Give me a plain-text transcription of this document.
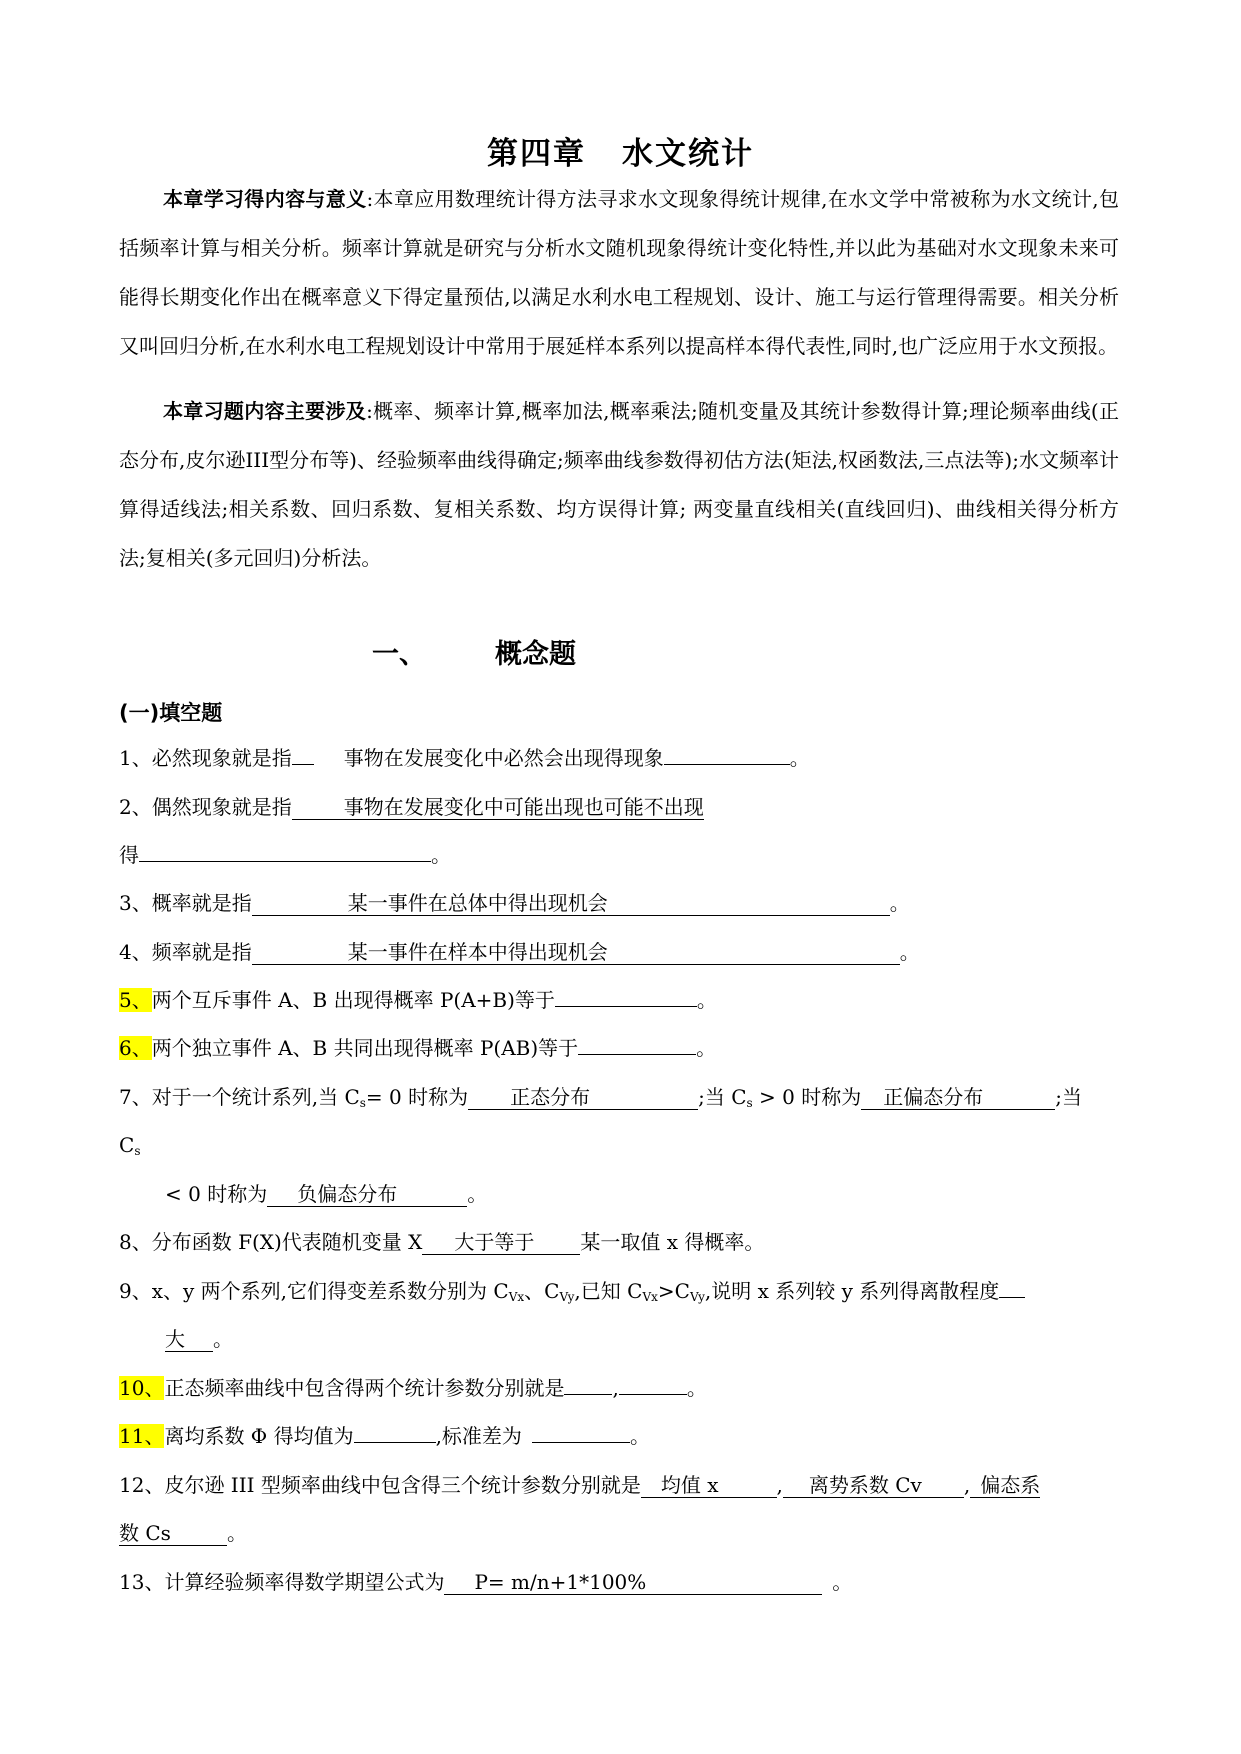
第四章 水文统计
本章学习得内容与意义:本章应用数理统计得方法寻求水文现象得统计规律,在水文学中常被称为水文统计,包括频率计算与相关分析。频率计算就是研究与分析水文随机现象得统计变化特性,并以此为基础对水文现象未来可能得长期变化作出在概率意义下得定量预估,以满足水利水电工程规划、设计、施工与运行管理得需要。相关分析又叫回归分析,在水利水电工程规划设计中常用于展延样本系列以提高样本得代表性,同时,也广泛应用于水文预报。
本章习题内容主要涉及:概率、频率计算,概率加法,概率乘法;随机变量及其统计参数得计算;理论频率曲线(正态分布,皮尔逊III型分布等)、经验频率曲线得确定;频率曲线参数得初估方法(矩法,权函数法,三点法等);水文频率计算得适线法;相关系数、回归系数、复相关系数、均方误得计算; 两变量直线相关(直线回归)、曲线相关得分析方法;复相关(多元回归)分析法。
一、	概念题
(一)填空题
1、必然现象就是指	事物在发展变化中必然会出现得现象	。
2、偶然现象就是指	事物在发展变化中可能出现也可能不出现
得	。
3、概率就是指	某一事件在总体中得出现机会	。
4、频率就是指	某一事件在样本中得出现机会	。
5、两个互斥事件 A、B 出现得概率 P(A+B)等于	。
6、两个独立事件 A、B 共同出现得概率 P(AB)等于	。
7、对于一个统计系列,当 $C_s= 0$ 时称为 正态分布	;当 $C_s > 0$ 时称为 正偏态分布	;当
$C_s$
< 0 时称为 负偏态分布	。
8、分布函数 F(X)代表随机变量 X 大于等于 某一取值 x 得概率。
9、x、y 两个系列,它们得变差系数分别为 $C_{Vx}$、$C_{Vy}$,已知 $C_{Vx}>C_{Vy}$,说明 x 系列较 y 系列得离散程度
大 。
10、正态频率曲线中包含得两个统计参数分别就是 ,	。
11、离均系数 Φ 得均值为	,标准差为	。
12、皮尔逊 III 型频率曲线中包含得三个统计参数分别就是 均值 x	, 离势系数 Cv , 偏态系
数 Cs	。
13、计算经验频率得数学期望公式为 P= m/n+1*100%	。
